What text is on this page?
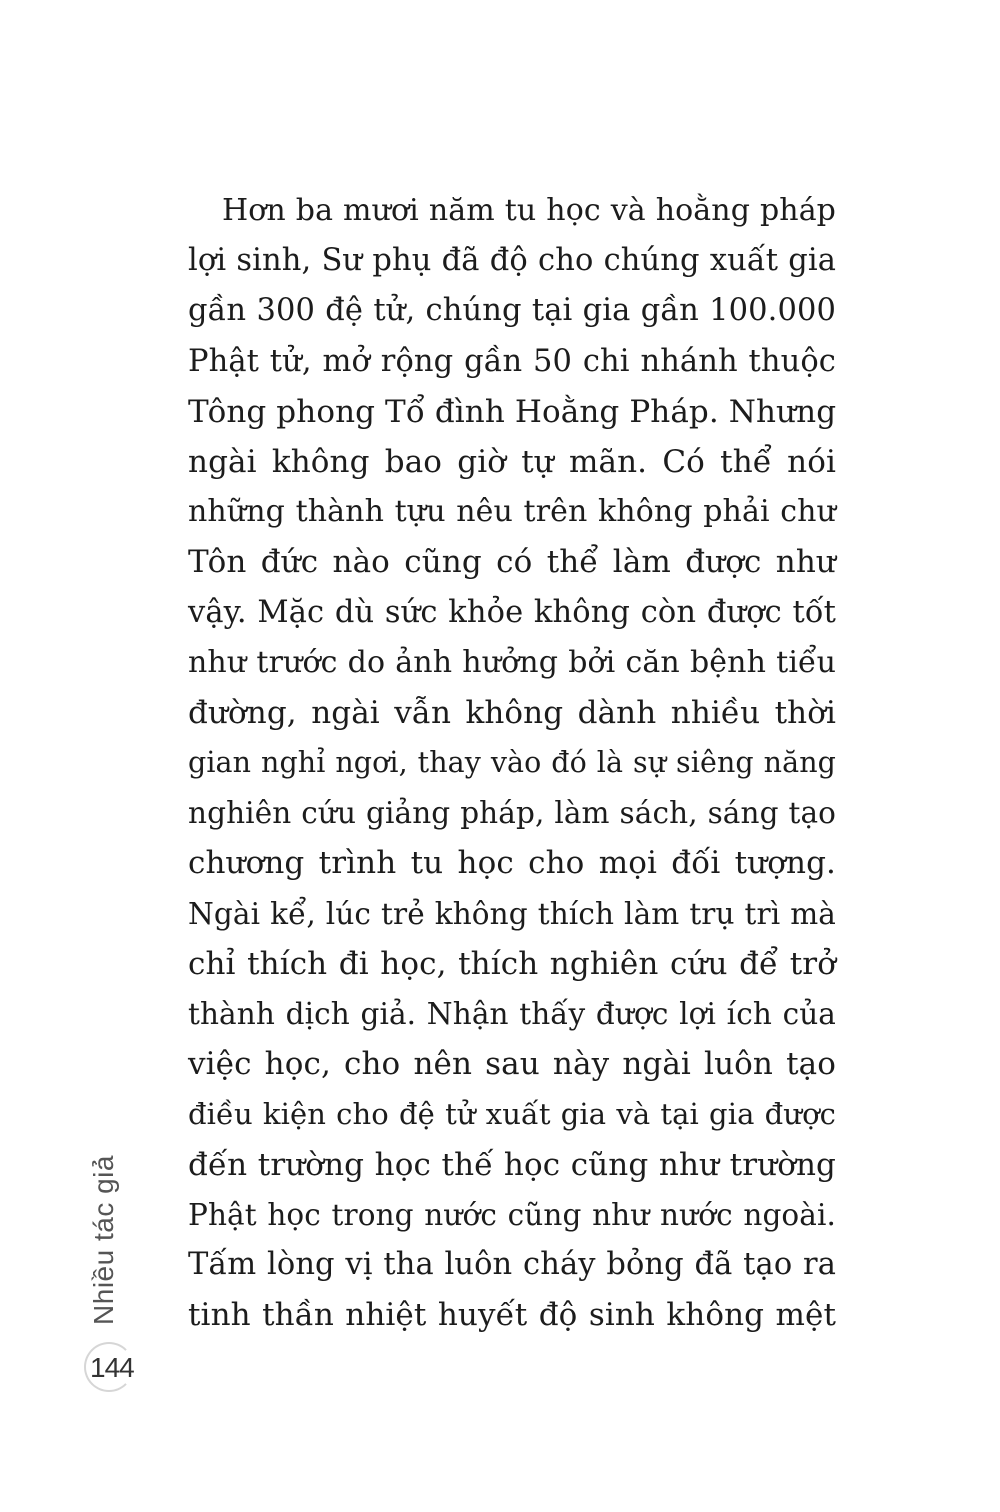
Hơn ba mươi năm tu học và hoằng pháp
lợi sinh, Sư phụ đã độ cho chúng xuất gia
gần 300 đệ tử, chúng tại gia gần 100.000
Phật tử, mở rộng gần 50 chi nhánh thuộc
Tông phong Tổ đình Hoằng Pháp. Nhưng
ngài không bao giờ tự mãn. Có thể nói
những thành tựu nêu trên không phải chư
Tôn đức nào cũng có thể làm được như
vậy. Mặc dù sức khỏe không còn được tốt
như trước do ảnh hưởng bởi căn bệnh tiểu
đường, ngài vẫn không dành nhiều thời
gian nghỉ ngơi, thay vào đó là sự siêng năng
nghiên cứu giảng pháp, làm sách, sáng tạo
chương trình tu học cho mọi đối tượng.
Ngài kể, lúc trẻ không thích làm trụ trì mà
chỉ thích đi học, thích nghiên cứu để trở
thành dịch giả. Nhận thấy được lợi ích của
việc học, cho nên sau này ngài luôn tạo
điều kiện cho đệ tử xuất gia và tại gia được
đến trường học thế học cũng như trường
Phật học trong nước cũng như nước ngoài.
Tấm lòng vị tha luôn cháy bỏng đã tạo ra
tinh thần nhiệt huyết độ sinh không mệt
Nhiều tác giả
144
